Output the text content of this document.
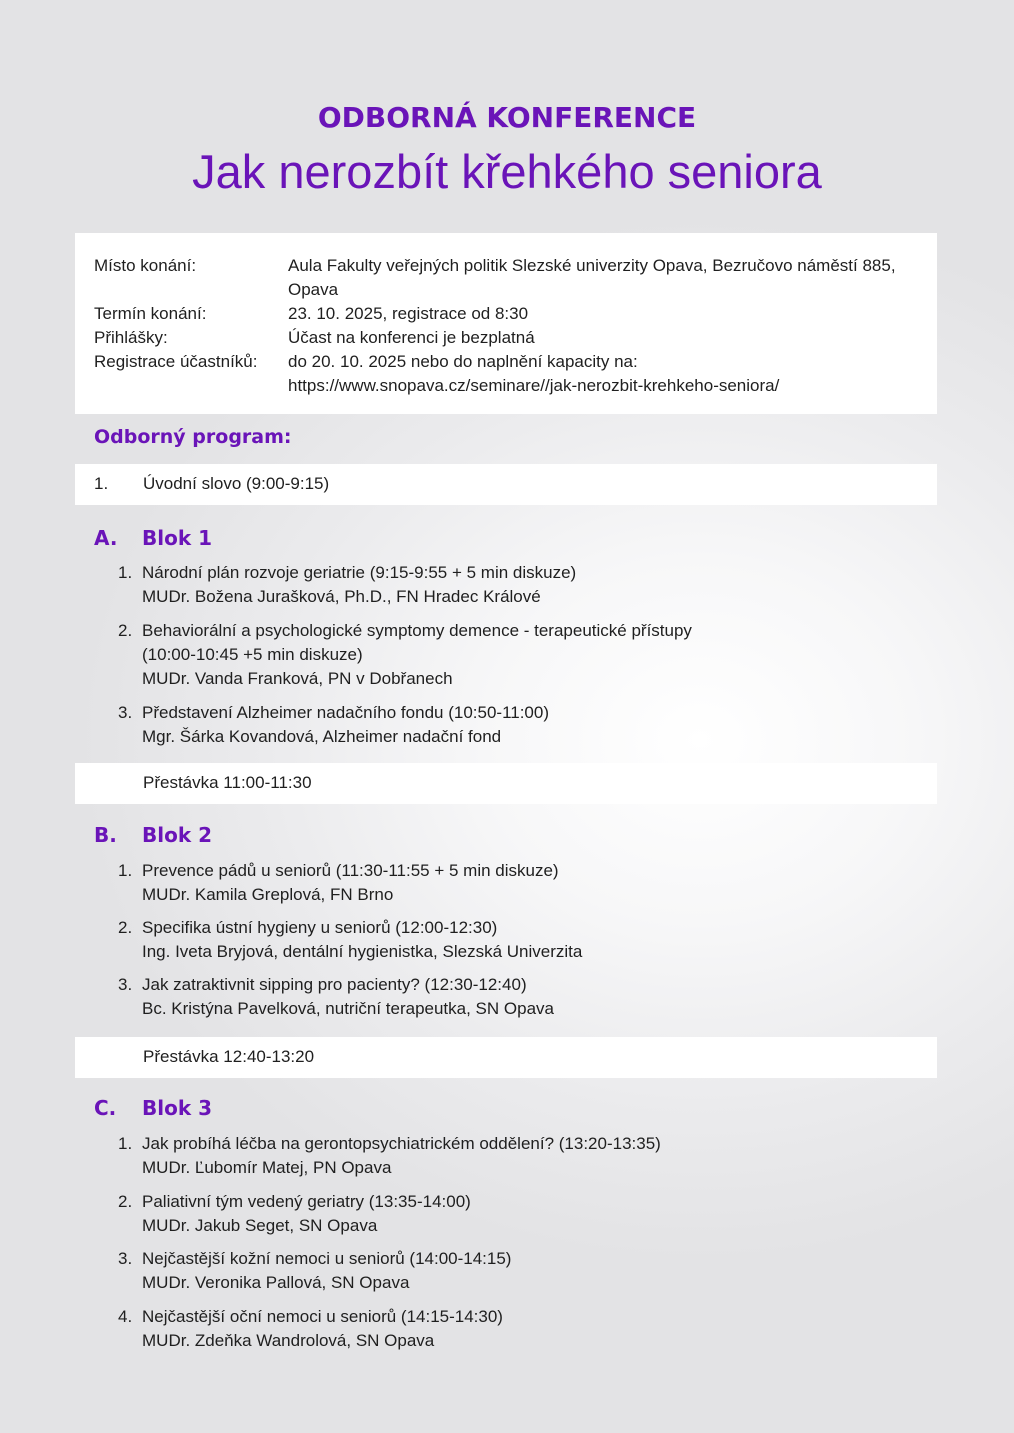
ODBORNÁ KONFERENCE
Jak nerozbít křehkého seniora
Místo konání:	Aula Fakulty veřejných politik Slezské univerzity Opava, Bezručovo náměstí 885, Opava
Termín konání:	23. 10. 2025, registrace od 8:30
Přihlášky:	Účast na konferenci je bezplatná
Registrace účastníků:	do 20. 10. 2025 nebo do naplnění kapacity na:
https://www.snopava.cz/seminare//jak-nerozbit-krehkeho-seniora/
Odborný program:
1. Úvodní slovo (9:00-9:15)
A.	Blok 1
1. Národní plán rozvoje geriatrie (9:15-9:55 + 5 min diskuze)
MUDr. Božena Jurašková, Ph.D., FN Hradec Králové
2. Behaviorální a psychologické symptomy demence - terapeutické přístupy
(10:00-10:45 +5 min diskuze)
MUDr. Vanda Franková, PN v Dobřanech
3. Představení Alzheimer nadačního fondu (10:50-11:00)
Mgr. Šárka Kovandová, Alzheimer nadační fond
Přestávka 11:00-11:30
B.	Blok 2
1. Prevence pádů u seniorů (11:30-11:55 + 5 min diskuze)
MUDr. Kamila Greplová, FN Brno
2. Specifika ústní hygieny u seniorů (12:00-12:30)
Ing. Iveta Bryjová, dentální hygienistka, Slezská Univerzita
3. Jak zatraktivnit sipping pro pacienty? (12:30-12:40)
Bc. Kristýna Pavelková, nutriční terapeutka, SN Opava
Přestávka 12:40-13:20
C.	Blok 3
1. Jak probíhá léčba na gerontopsychiatrickém oddělení? (13:20-13:35)
MUDr. Ľubomír Matej, PN Opava
2. Paliativní tým vedený geriatry (13:35-14:00)
MUDr. Jakub Seget, SN Opava
3. Nejčastější kožní nemoci u seniorů (14:00-14:15)
MUDr. Veronika Pallová, SN Opava
4. Nejčastější oční nemoci u seniorů (14:15-14:30)
MUDr. Zdeňka Wandrolová, SN Opava
